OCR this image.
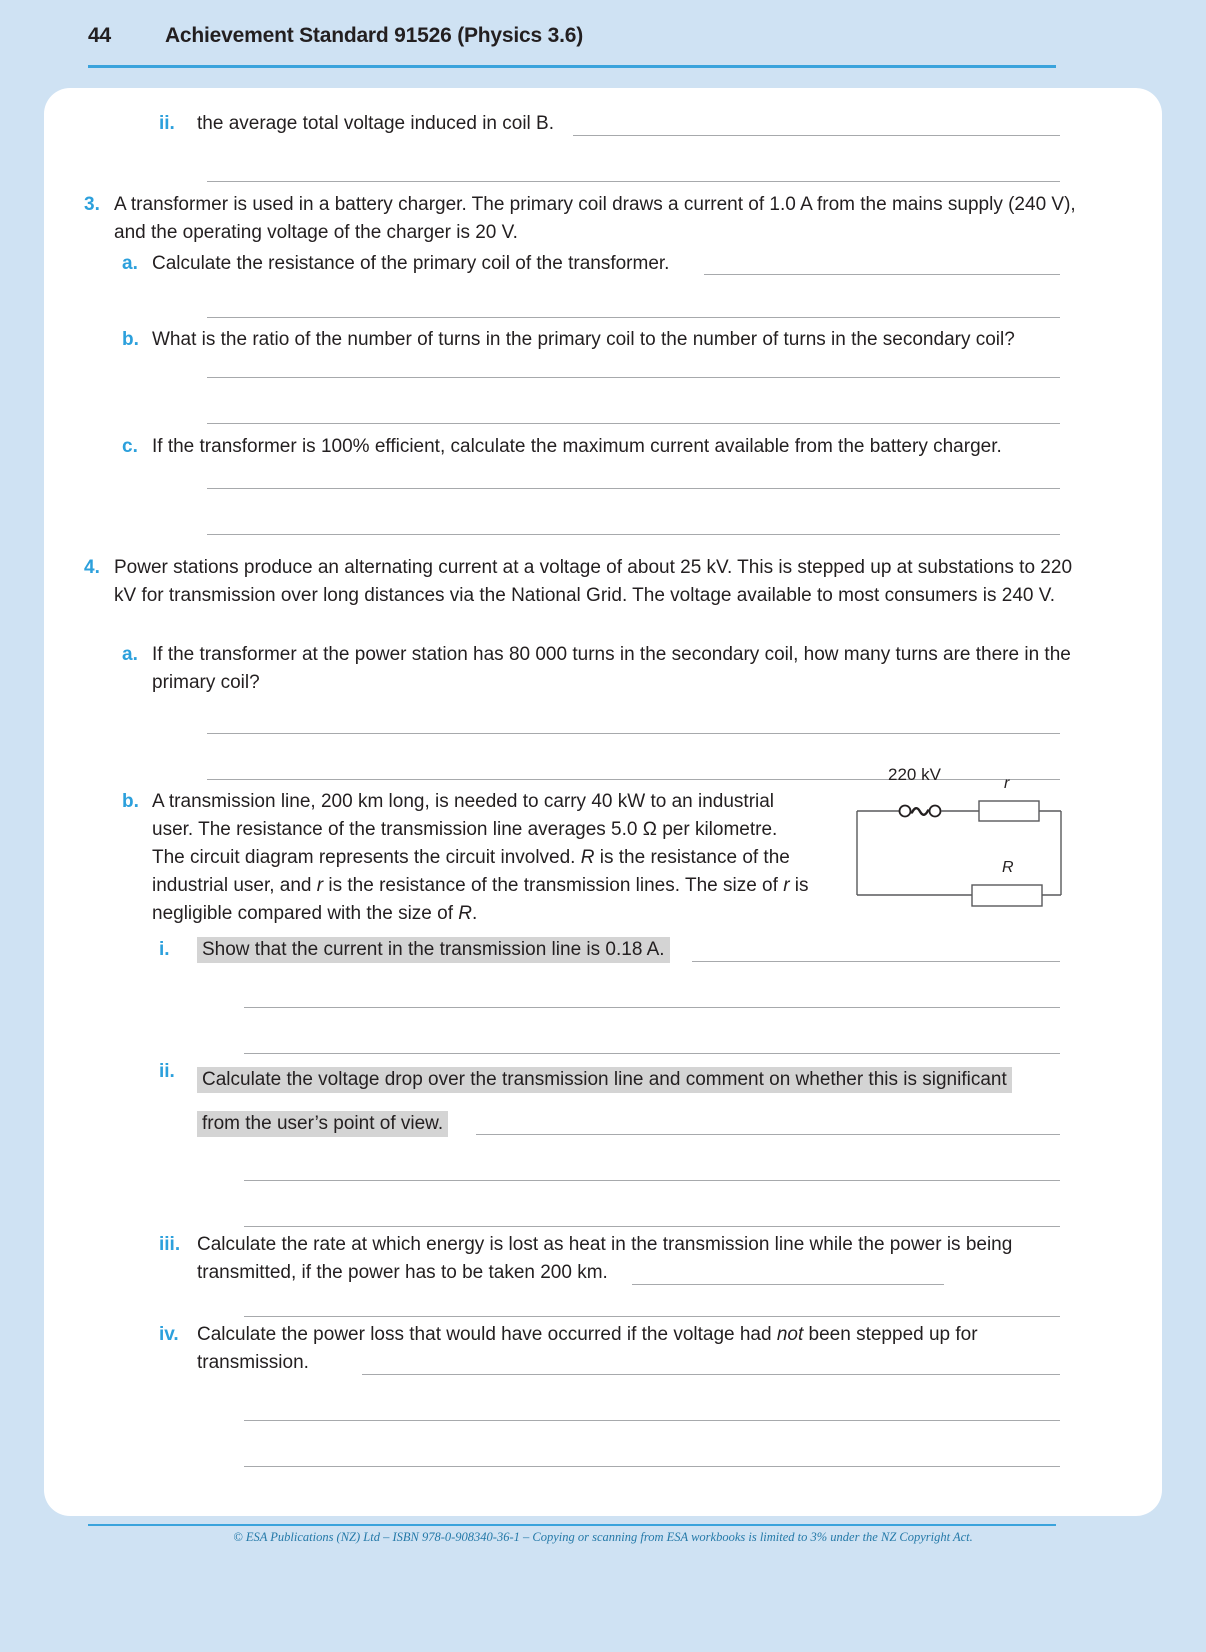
44	Achievement Standard 91526 (Physics 3.6)
ii.	the average total voltage induced in coil B.
3. A transformer is used in a battery charger. The primary coil draws a current of 1.0 A from the mains supply (240 V), and the operating voltage of the charger is 20 V.
a. Calculate the resistance of the primary coil of the transformer.
b. What is the ratio of the number of turns in the primary coil to the number of turns in the secondary coil?
c. If the transformer is 100% efficient, calculate the maximum current available from the battery charger.
4. Power stations produce an alternating current at a voltage of about 25 kV. This is stepped up at substations to 220 kV for transmission over long distances via the National Grid. The voltage available to most consumers is 240 V.
a. If the transformer at the power station has 80 000 turns in the secondary coil, how many turns are there in the primary coil?
b. A transmission line, 200 km long, is needed to carry 40 kW to an industrial
user. The resistance of the transmission line averages 5.0 Ω per kilometre.
The circuit diagram represents the circuit involved. R is the resistance of the
industrial user, and r is the resistance of the transmission lines. The size of r is
negligible compared with the size of R.
220 kV	r
R
i.	Show that the current in the transmission line is 0.18 A.
ii.	Calculate the voltage drop over the transmission line and comment on whether this is significant
from the user’s point of view.
iii. Calculate the rate at which energy is lost as heat in the transmission line while the power is being
transmitted, if the power has to be taken 200 km.
iv. Calculate the power loss that would have occurred if the voltage had not been stepped up for
transmission.
© ESA Publications (NZ) Ltd – ISBN 978-0-908340-36-1 – Copying or scanning from ESA workbooks is limited to 3% under the NZ Copyright Act.
